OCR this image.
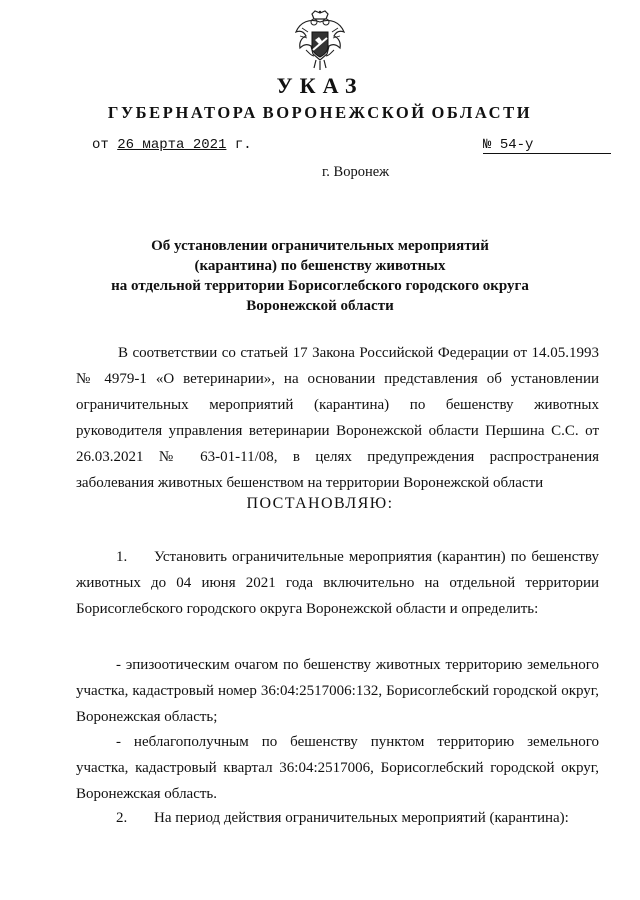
УКАЗ
ГУБЕРНАТОРА ВОРОНЕЖСКОЙ ОБЛАСТИ
от 26 марта 2021 г.	№ 54-у
г. Воронеж
Об установлении ограничительных мероприятий
(карантина) по бешенству животных
на отдельной территории Борисоглебского городского округа
Воронежской области
В соответствии со статьей 17 Закона Российской Федерации от 14.05.1993 № 4979-1 «О ветеринарии», на основании представления об установлении ограничительных мероприятий (карантина) по бешенству животных руководителя управления ветеринарии Воронежской области Першина С.С. от 26.03.2021 № 63-01-11/08, в целях предупреждения распространения заболевания животных бешенством на территории Воронежской области
ПОСТАНОВЛЯЮ:
1. Установить ограничительные мероприятия (карантин) по бешенству животных до 04 июня 2021 года включительно на отдельной территории Борисоглебского городского округа Воронежской области и определить:
- эпизоотическим очагом по бешенству животных территорию земельного участка, кадастровый номер 36:04:2517006:132, Борисоглебский городской округ, Воронежская область;
- неблагополучным по бешенству пунктом территорию земельного участка, кадастровый квартал 36:04:2517006, Борисоглебский городской округ, Воронежская область.
2. На период действия ограничительных мероприятий (карантина):
